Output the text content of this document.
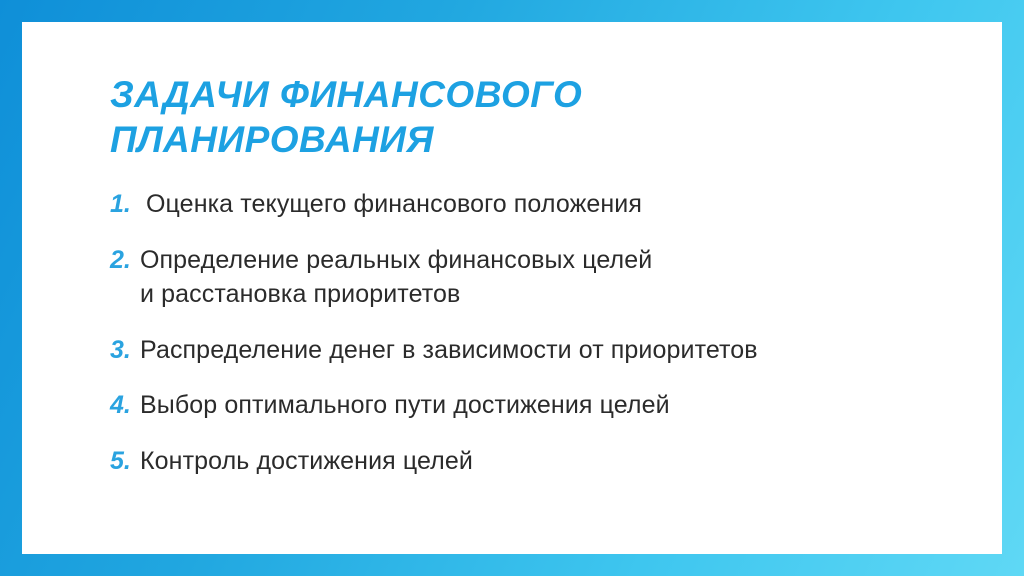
ЗАДАЧИ ФИНАНСОВОГО
ПЛАНИРОВАНИЯ
1. Оценка текущего финансового положения
2. Определение реальных финансовых целей
и расстановка приоритетов
3. Распределение денег в зависимости от приоритетов
4. Выбор оптимального пути достижения целей
5. Контроль достижения целей
